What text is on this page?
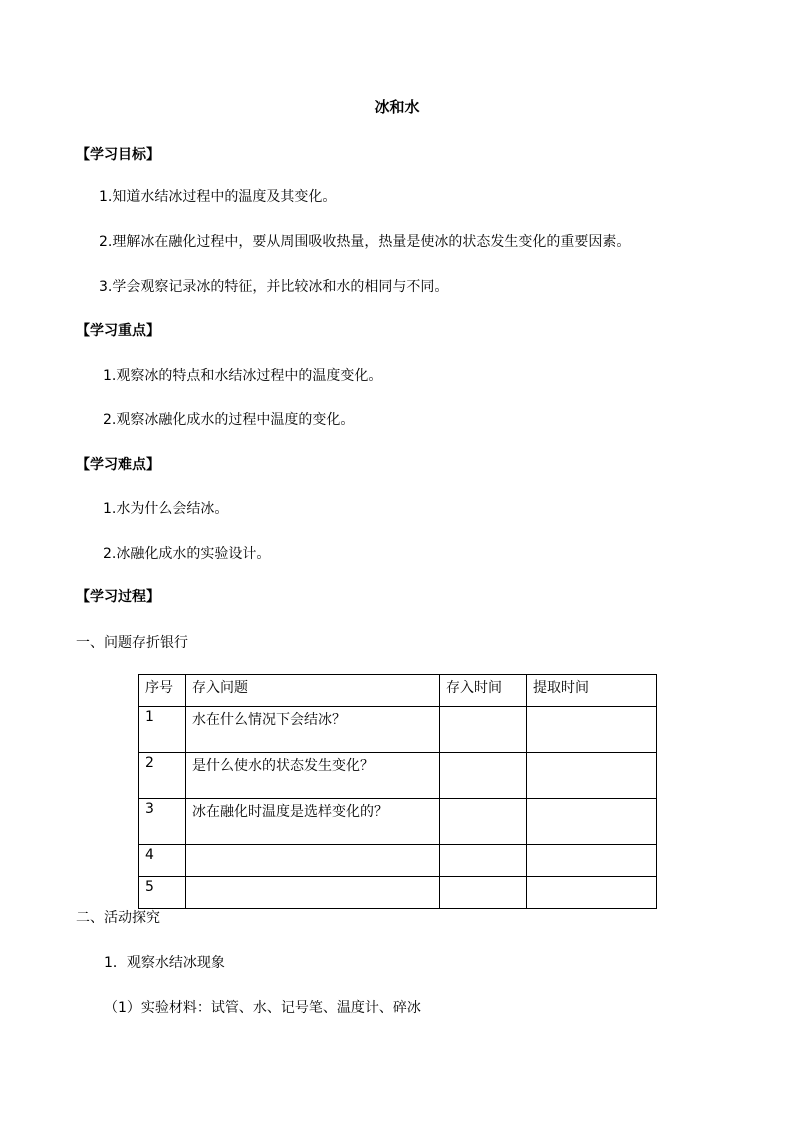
冰和水
【学习目标】
1.知道水结冰过程中的温度及其变化。
2.理解冰在融化过程中，要从周围吸收热量，热量是使冰的状态发生变化的重要因素。
3.学会观察记录冰的特征，并比较冰和水的相同与不同。
【学习重点】
1.观察冰的特点和水结冰过程中的温度变化。
2.观察冰融化成水的过程中温度的变化。
【学习难点】
1.水为什么会结冰。
2.冰融化成水的实验设计。
【学习过程】
一、问题存折银行
序号	存入问题	存入时间	提取时间
1	水在什么情况下会结冰？		
2	是什么使水的状态发生变化？		
3	冰在融化时温度是选样变化的？		
4			
5			
二、活动探究
1．观察水结冰现象
（1）实验材料：试管、水、记号笔、温度计、碎冰
